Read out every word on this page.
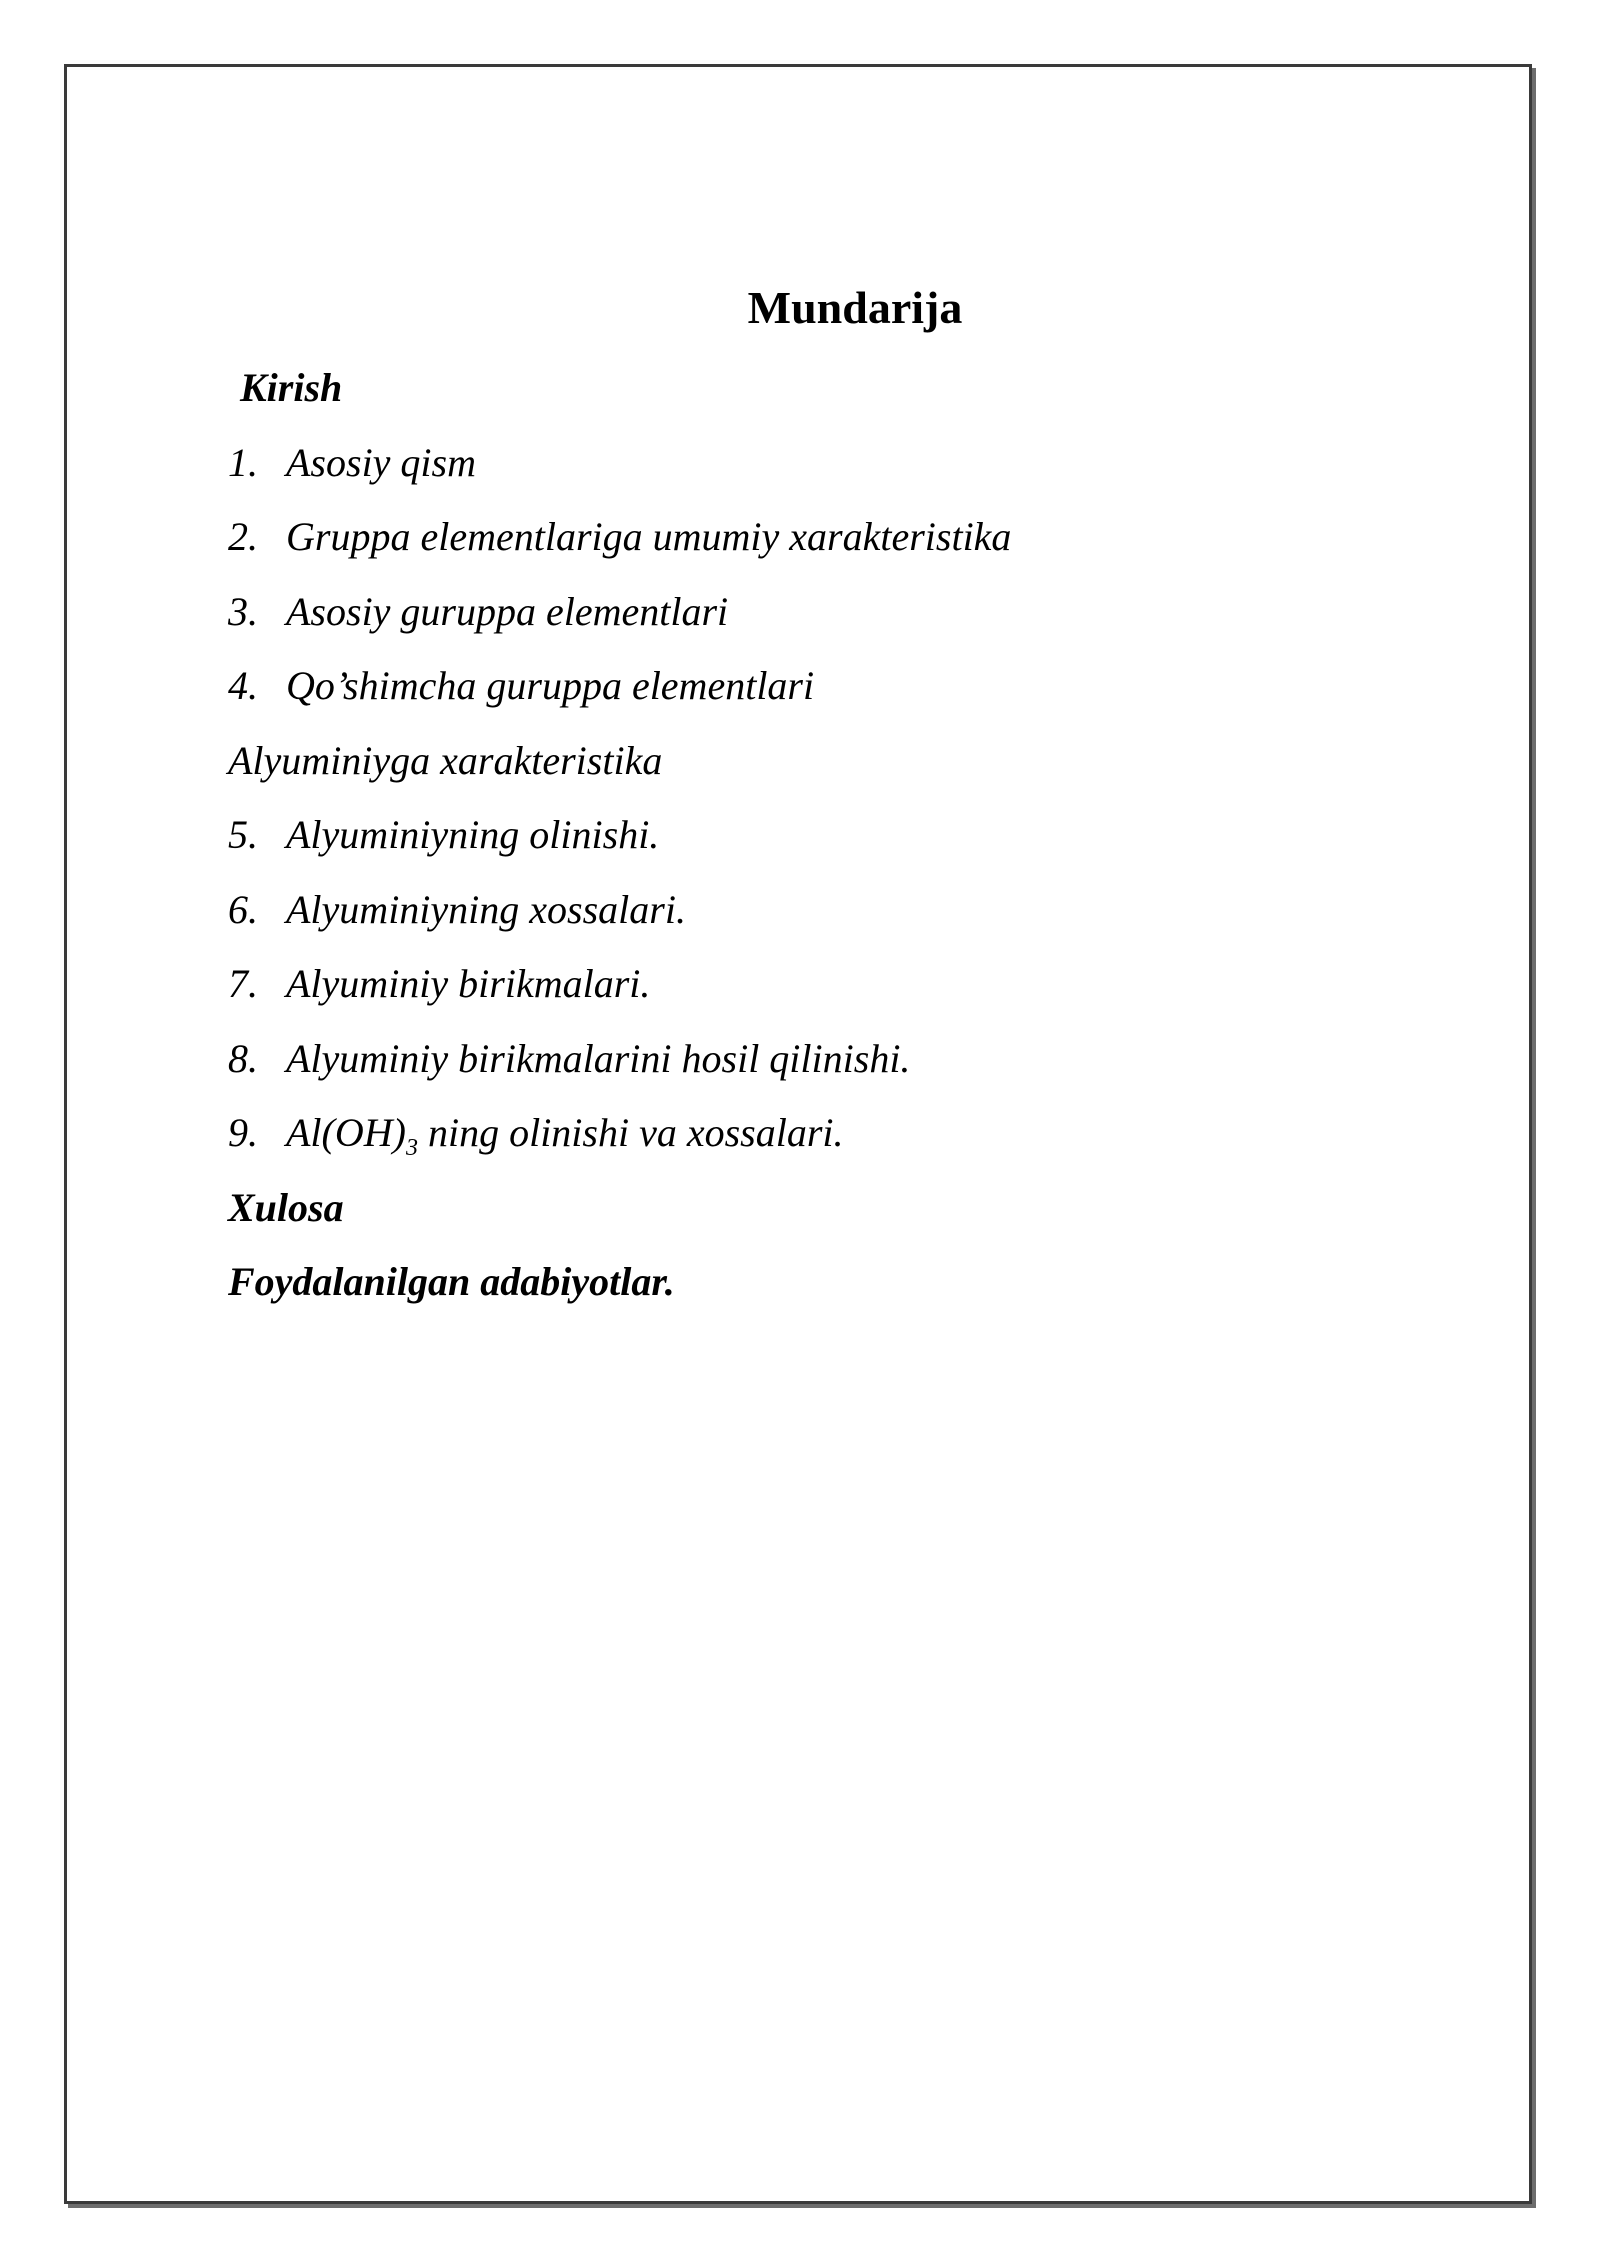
Mundarija
Kirish
1. Asosiy qism
2. Gruppa elementlariga umumiy xarakteristika
3. Asosiy guruppa elementlari
4. Qo’shimcha guruppa elementlari
Alyuminiyga xarakteristika
5. Alyuminiyning olinishi.
6. Alyuminiyning xossalari.
7. Alyuminiy birikmalari.
8. Alyuminiy birikmalarini hosil qilinishi.
9. $Al(OH)_3$ ning olinishi va xossalari.
Xulosa
Foydalanilgan adabiyotlar.
